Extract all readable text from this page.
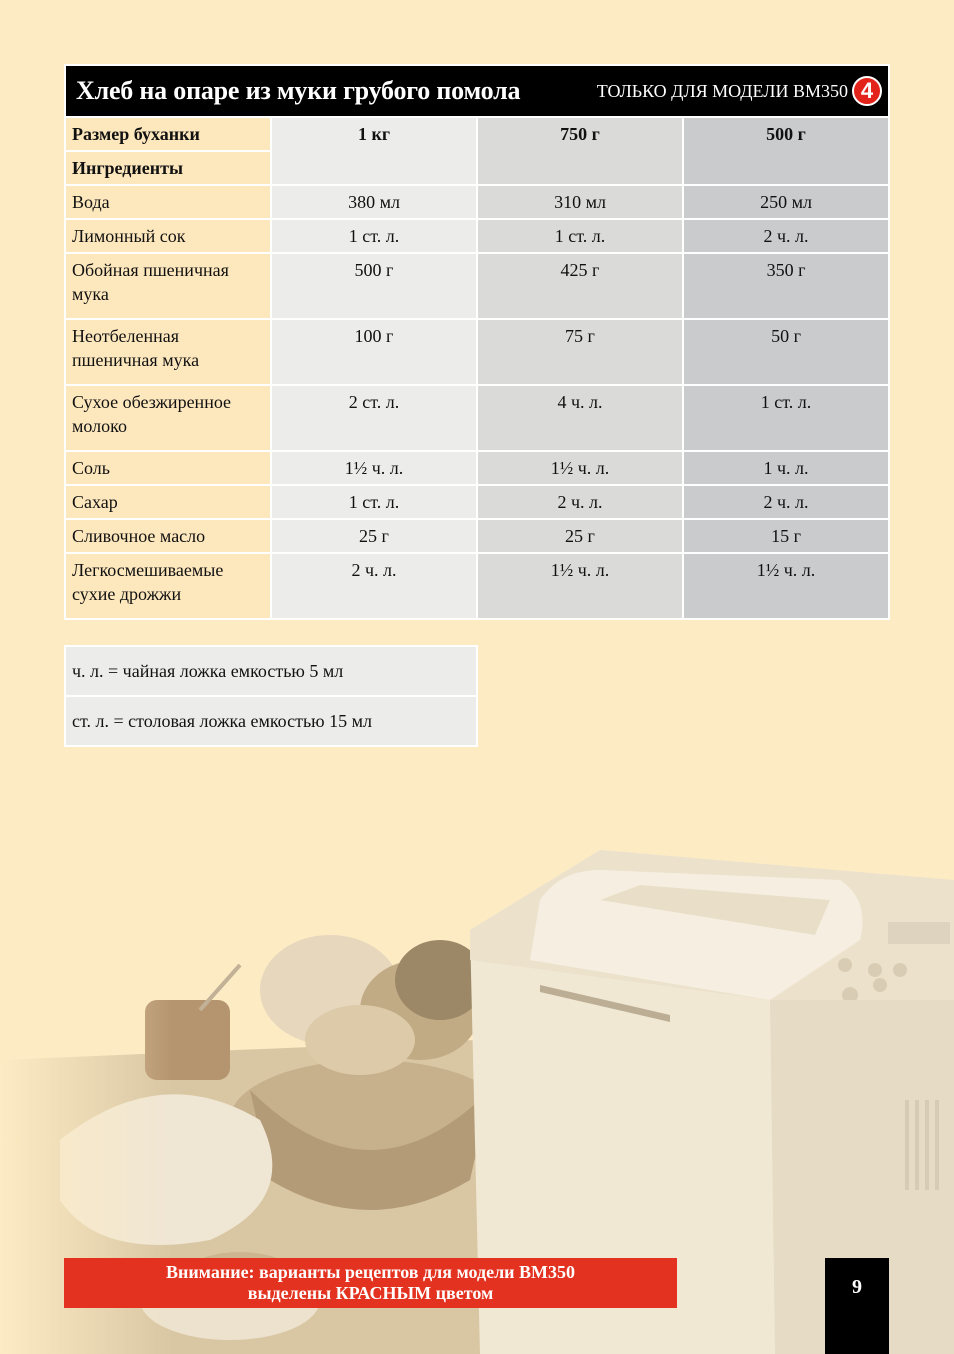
Хлеб на опаре из муки грубого помола ТОЛЬКО ДЛЯ МОДЕЛИ BM350 4			

Размер буханки	1 кг	750 г	500 г
Ингредиенты			
Вода	380 мл	310 мл	250 мл
Лимонный сок	1 ст. л.	1 ст. л.	2 ч. л.
Обойная пшеничная мука	500 г	425 г	350 г
Неотбеленная пшеничная мука	100 г	75 г	50 г
Сухое обезжиренное молоко	2 ст. л.	4 ч. л.	1 ст. л.
Соль	1½ ч. л.	1½ ч. л.	1 ч. л.
Сахар	1 ст. л.	2 ч. л.	2 ч. л.
Сливочное масло	25 г	25 г	15 г
Легкосмешиваемые сухие дрожжи	2 ч. л.	1½ ч. л.	1½ ч. л.
ч. л. = чайная ложка емкостью 5 мл
ст. л. = столовая ложка емкостью 15 мл
Внимание: варианты рецептов для модели BM350
выделены КРАСНЫМ цветом	9
